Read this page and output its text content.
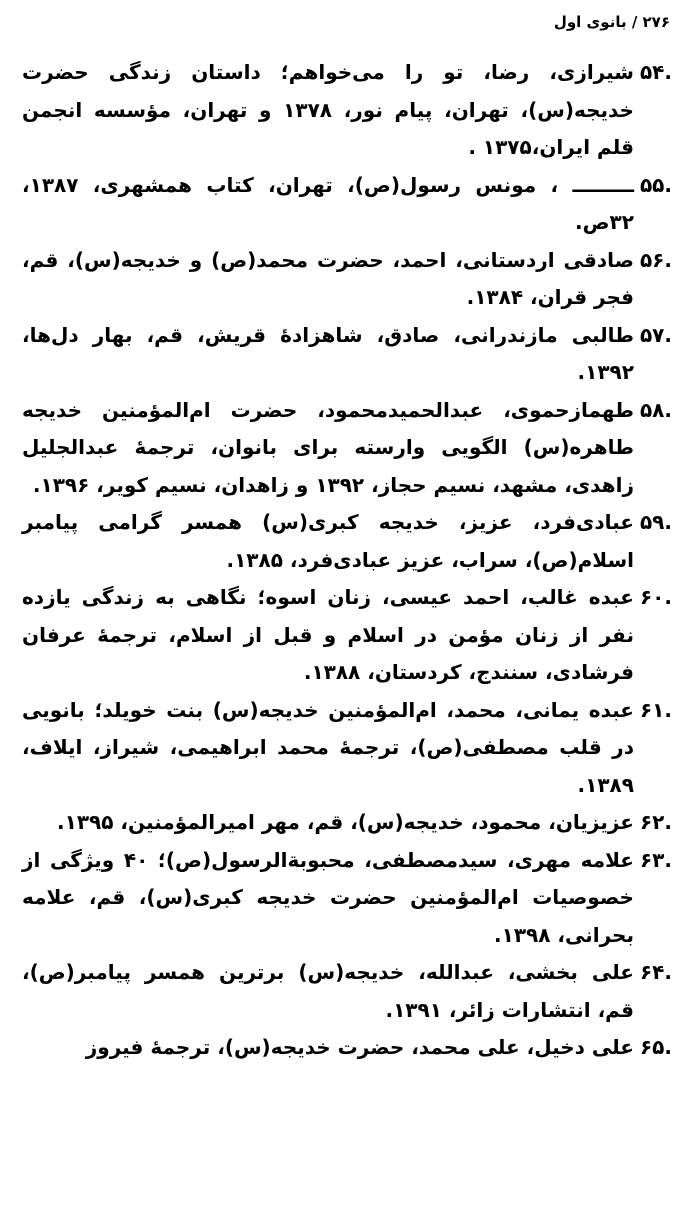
۲۷۶ / بانوی اول
.۵۴
شیرازی، رضا، تو را می‌خواهم؛ داستان زندگی حضرت خدیجه(س)، تهران، پیام نور، ۱۳۷۸ و تهران، مؤسسه انجمن قلم ایران،۱۳۷۵ .
.۵۵
ـــــــــ ، مونس رسول(ص)، تهران، کتاب همشهری، ۱۳۸۷، ۳۲ص.
.۵۶
صادقی اردستانی، احمد، حضرت محمد(ص) و خدیجه(س)، قم، فجر قران، ۱۳۸۴.
.۵۷
طالبی مازندرانی، صادق، شاهزادۀ قریش، قم، بهار دل‌ها، ۱۳۹۲.
.۵۸
طهمازحموی، عبدالحمیدمحمود، حضرت ام‌المؤمنین خدیجه طاهره(س) الگویی وارسته برای بانوان، ترجمۀ عبدالجلیل زاهدی، مشهد، نسیم حجاز، ۱۳۹۲ و زاهدان، نسیم کویر، ۱۳۹۶.
.۵۹
عبادی‌فرد، عزیز، خدیجه کبری(س) همسر گرامی پیامبر اسلام(ص)، سراب، عزیز عبادی‌فرد، ۱۳۸۵.
.۶۰
عبده غالب، احمد عیسی، زنان اسوه؛ نگاهی به زندگی یازده نفر از زنان مؤمن در اسلام و قبل از اسلام، ترجمۀ عرفان فرشادی، سنندج، کردستان، ۱۳۸۸.
.۶۱
عبده یمانی، محمد، ام‌المؤمنین خدیجه(س) بنت خویلد؛ بانویی در قلب مصطفی(ص)، ترجمۀ محمد ابراهیمی، شیراز، ایلاف، ۱۳۸۹.
.۶۲
عزیزیان، محمود، خدیجه(س)، قم، مهر امیرالمؤمنین، ۱۳۹۵.
.۶۳
علامه مهری، سیدمصطفی، محبوبةالرسول(ص)؛ ۴۰ ویژگی از خصوصیات ام‌المؤمنین حضرت خدیجه کبری(س)، قم، علامه بحرانی، ۱۳۹۸.
.۶۴
علی بخشی، عبدالله، خدیجه(س) برترین همسر پیامبر(ص)، قم، انتشارات زائر، ۱۳۹۱.
.۶۵
علی دخیل، علی محمد، حضرت خدیجه(س)، ترجمۀ فیروز
